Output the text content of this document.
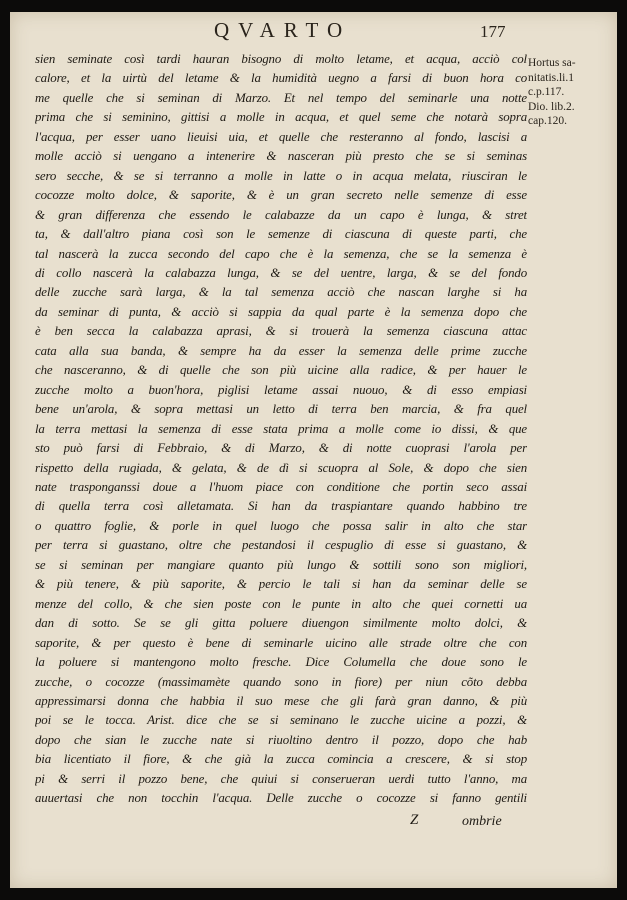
QVARTO	177
Hortus sa-
nitatis.li.1
c.p.117.
Dio. lib.2.
cap.120.
sien seminate così tardi hauran bisogno di molto letame, et acqua, acciò col
calore, et la uirtù del letame & la humidità uegno a farsi di buon hora co
me quelle che si seminan di Marzo. Et nel tempo del seminarle una notte
prima che si seminino, gittisi a molle in acqua, et quel seme che notarà sopra
l'acqua, per esser uano lieuisi uia, et quelle che resteranno al fondo, lascisi a
molle acciò si uengano a intenerire & nasceran più presto che se si seminas
sero secche, & se si terranno a molle in latte o in acqua melata, riusciran le
cocozze molto dolce, & saporite, & è un gran secreto nelle semenze di esse
& gran differenza che essendo le calabazze da un capo è lunga, & stret
ta, & dall'altro piana così son le semenze di ciascuna di queste parti, che
tal nascerà la zucca secondo del capo che è la semenza, che se la semenza è
di collo nascerà la calabazza lunga, & se del uentre, larga, & se del fondo
delle zucche sarà larga, & la tal semenza acciò che nascan larghe si ha
da seminar di punta, & acciò si sappia da qual parte è la semenza dopo che
è ben secca la calabazza aprasi, & si trouerà la semenza ciascuna attac
cata alla sua banda, & sempre ha da esser la semenza delle prime zucche
che nasceranno, & di quelle che son più uicine alla radice, & per hauer le
zucche molto a buon'hora, piglisi letame assai nuouo, & di esso empiasi
bene un'arola, & sopra mettasi un letto di terra ben marcia, & fra quel
la terra mettasi la semenza di esse stata prima a molle come io dissi, & que
sto può farsi di Febbraio, & di Marzo, & di notte cuoprasi l'arola per
rispetto della rugiada, & gelata, & de dì si scuopra al Sole, & dopo che sien
nate trasponganssi doue a l'huom piace con conditione che portin seco assai
di quella terra così alletamata. Si han da traspiantare quando habbino tre
o quattro foglie, & porle in quel luogo che possa salir in alto che star
per terra si guastano, oltre che pestandosi il cespuglio di esse si guastano, &
se si seminan per mangiare quanto più lungo & sottili sono son migliori,
& più tenere, & più saporite, & percio le tali si han da seminar delle se
menze del collo, & che sien poste con le punte in alto che quei cornetti ua
dan di sotto. Se se gli gitta poluere diuengon similmente molto dolci, &
saporite, & per questo è bene di seminarle uicino alle strade oltre che con
la poluere si mantengono molto fresche. Dice Columella che doue sono le
zucche, o cocozze (massimamète quando sono in fiore) per niun cõto debba
appressimarsi donna che habbia il suo mese che gli farà gran danno, & più
poi se le tocca. Arist. dice che se si seminano le zucche uicine a pozzi, &
dopo che sian le zucche nate si riuoltino dentro il pozzo, dopo che hab
bia licentiato il fiore, & che già la zucca comincia a crescere, & si stop
pi & serri il pozzo bene, che quiui si conserueran uerdi tutto l'anno, ma
auuertasi che non tocchin l'acqua. Delle zucche o cocozze si fanno gentili
Z	ombrie
